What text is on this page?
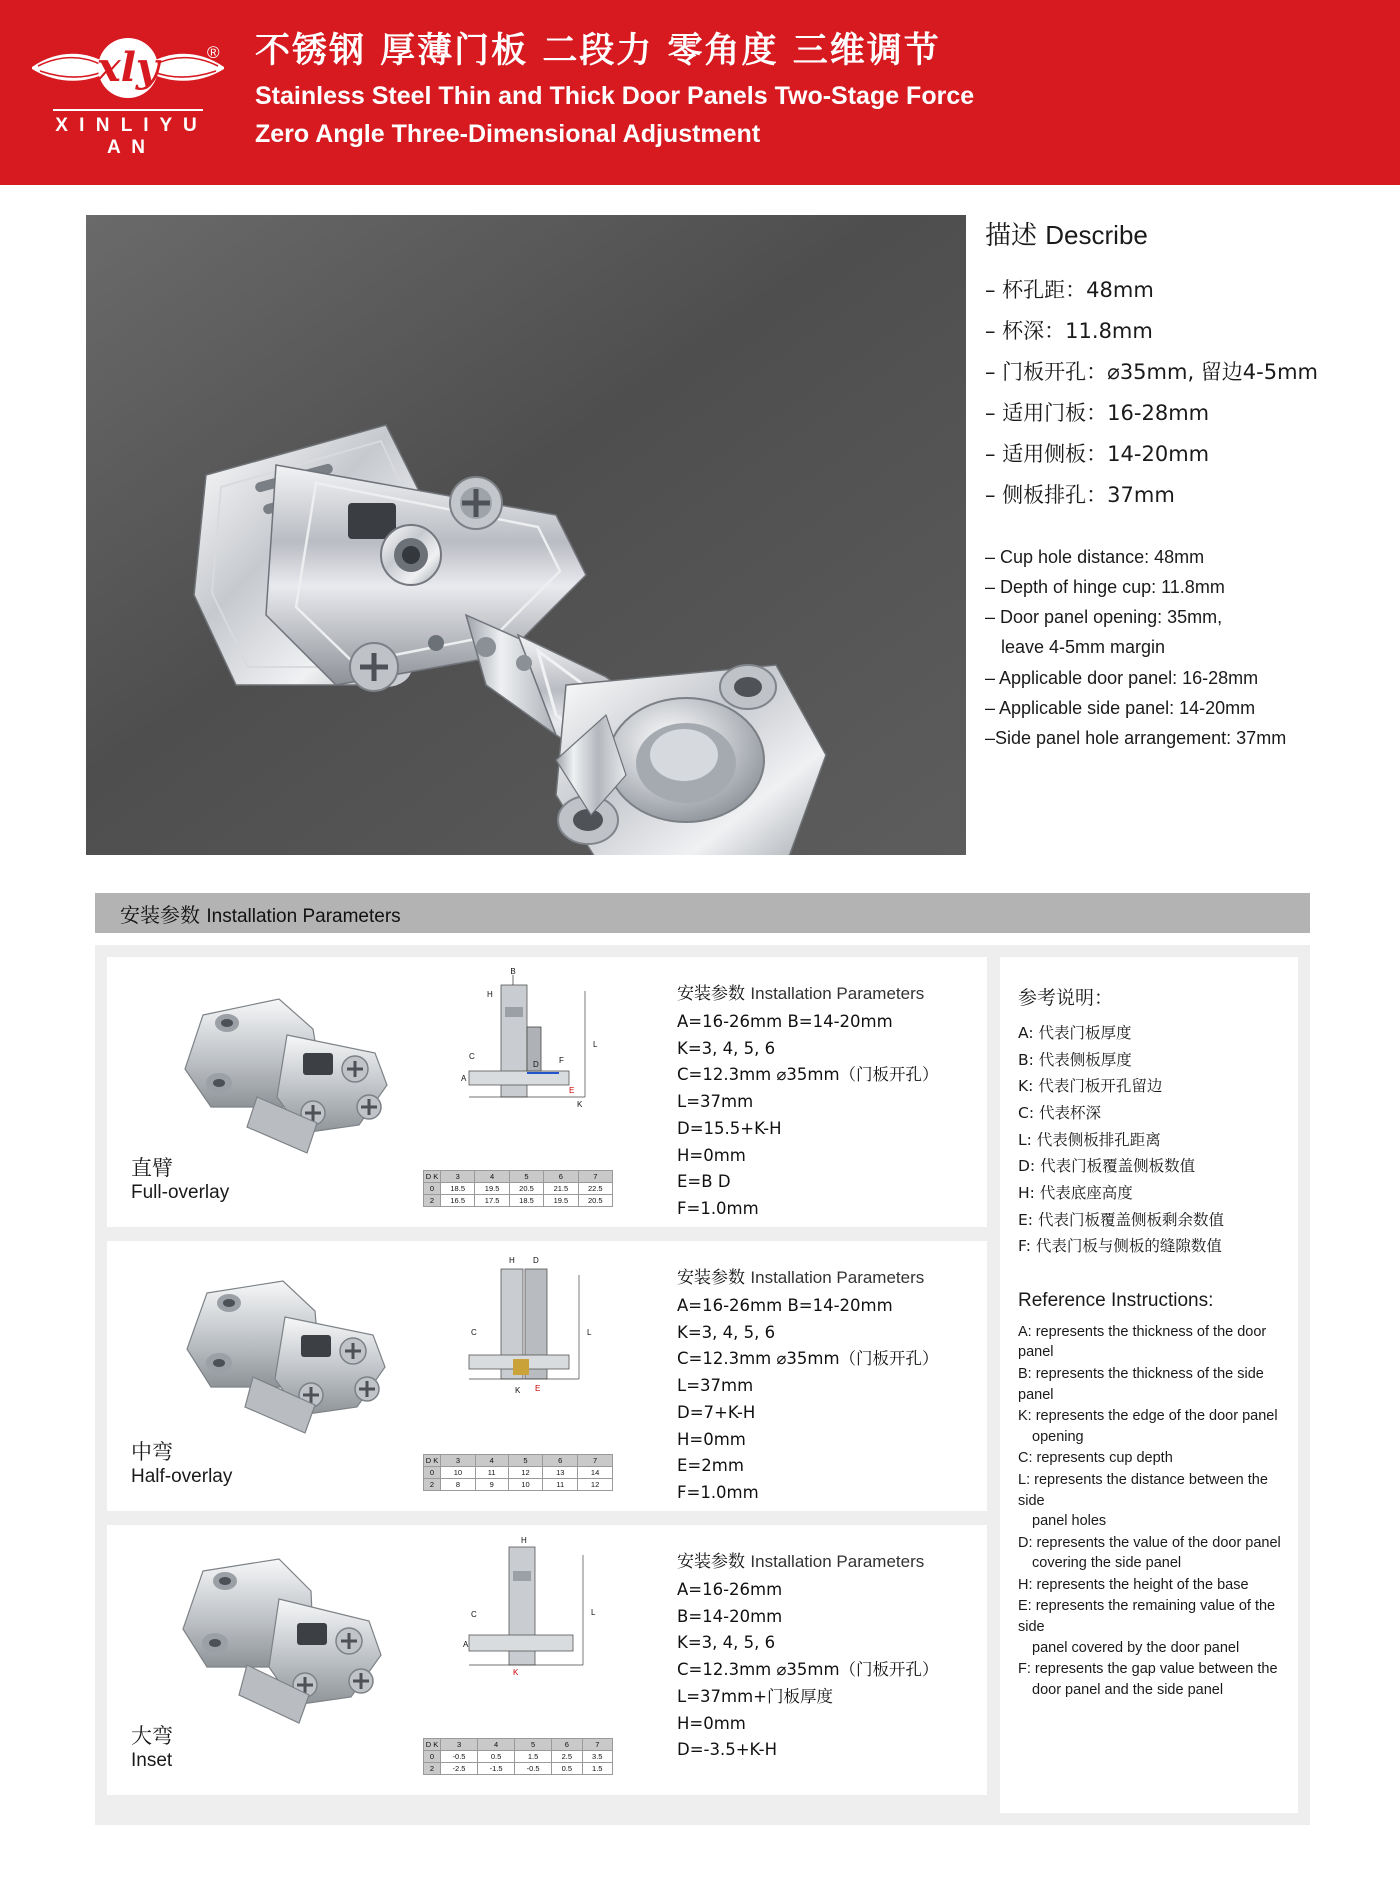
xly	®
X I N L I Y U A N
不锈钢 厚薄门板 二段力 零角度 三维调节
Stainless Steel Thin and Thick Door Panels Two-Stage Force
Zero Angle Three-Dimensional Adjustment
描述 Describe
– 杯孔距：48mm
– 杯深：11.8mm
– 门板开孔：⌀35mm, 留边4-5mm
– 适用门板：16-28mm
– 适用侧板：14-20mm
– 侧板排孔：37mm
– Cup hole distance: 48mm
– Depth of hinge cup: 11.8mm
– Door panel opening: 35mm,
leave 4-5mm margin
– Applicable door panel: 16-28mm
– Applicable side panel: 14-20mm
–Side panel hole arrangement: 37mm
安装参数 Installation Parameters
直臂
Full-overlay
B
H
C
D	F
L
A
E
K
D K	3	4	5	6	7
0	18.5	19.5	20.5	21.5	22.5
2	16.5	17.5	18.5	19.5	20.5
安装参数 Installation Parameters
A=16-26mm B=14-20mm
K=3, 4, 5, 6
C=12.3mm ⌀35mm（门板开孔）
L=37mm
D=15.5+K-H
H=0mm
E=B D
F=1.0mm
中弯
Half-overlay
H D
C	L
K E
D K	3	4	5	6	7
0	10	11	12	13	14
2	8	9	10	11	12
安装参数 Installation Parameters
A=16-26mm B=14-20mm
K=3, 4, 5, 6
C=12.3mm ⌀35mm（门板开孔）
L=37mm
D=7+K-H
H=0mm
E=2mm
F=1.0mm
大弯
Inset
H
C	L
A
K
D K	3	4	5	6	7
0	-0.5	0.5	1.5	2.5	3.5
2	-2.5	-1.5	-0.5	0.5	1.5
安装参数 Installation Parameters
A=16-26mm
B=14-20mm
K=3, 4, 5, 6
C=12.3mm ⌀35mm（门板开孔）
L=37mm+门板厚度
H=0mm
D=-3.5+K-H
参考说明：
A: 代表门板厚度
B: 代表侧板厚度
K: 代表门板开孔留边
C: 代表杯深
L: 代表侧板排孔距离
D: 代表门板覆盖侧板数值
H: 代表底座高度
E: 代表门板覆盖侧板剩余数值
F: 代表门板与侧板的缝隙数值
Reference Instructions:
A: represents the thickness of the door panel
B: represents the thickness of the side panel
K: represents the edge of the door panel
opening
C: represents cup depth
L: represents the distance between the side
panel holes
D: represents the value of the door panel
covering the side panel
H: represents the height of the base
E: represents the remaining value of the side
panel covered by the door panel
F: represents the gap value between the
door panel and the side panel
